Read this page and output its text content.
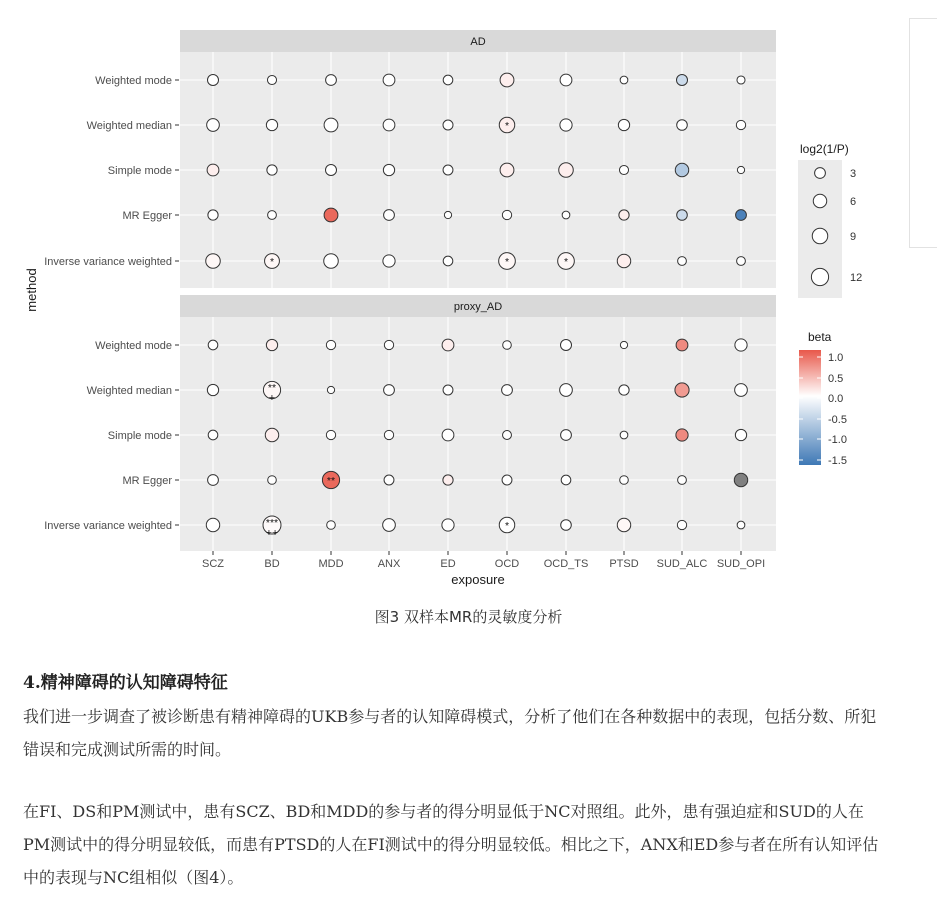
AD
*
*	*	*
proxy_AD
**
+
**
***
++
*
Weighted mode
Weighted median
Simple mode
MR Egger
Inverse variance weighted
Weighted mode
Weighted median
Simple mode
MR Egger
Inverse variance weighted
SCZ	BD	MDD	ANX	ED	OCD OCD_TS PTSD SUD_ALC SUD_OPI
exposure
method
log2(1/P)
3
6
9
12
beta
1.0
0.5
0.0
-0.5
-1.0
-1.5
图3 双样本MR的灵敏度分析
4.精神障碍的认知障碍特征

我们进一步调查了被诊断患有精神障碍的UKB参与者的认知障碍模式，分析了他们在各种数据中的表现，包括分数、所犯错误和完成测试所需的时间。

在FI、DS和PM测试中，患有SCZ、BD和MDD的参与者的得分明显低于NC对照组。此外，患有强迫症和SUD的人在PM测试中的得分明显较低，而患有PTSD的人在FI测试中的得分明显较低。相比之下，ANX和ED参与者在所有认知评估中的表现与NC组相似（图4）。
